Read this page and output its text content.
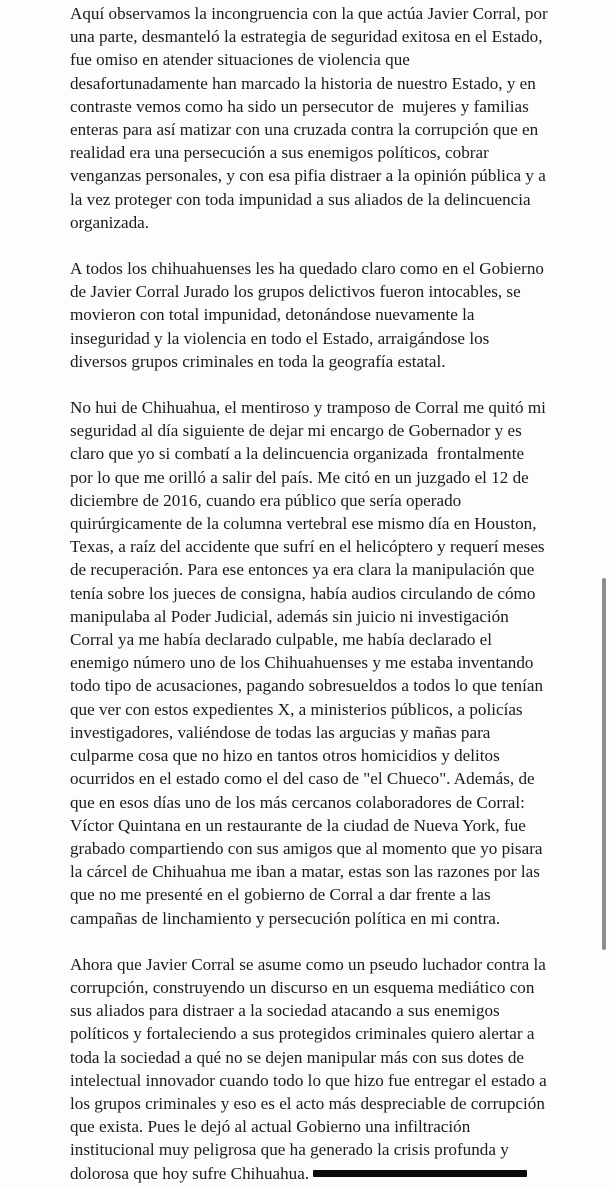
Aquí observamos la incongruencia con la que actúa Javier Corral, por una parte, desmanteló la estrategia de seguridad exitosa en el Estado, fue omiso en atender situaciones de violencia que desafortunadamente han marcado la historia de nuestro Estado, y en contraste vemos como ha sido un persecutor de  mujeres y familias enteras para así matizar con una cruzada contra la corrupción que en realidad era una persecución a sus enemigos políticos, cobrar venganzas personales, y con esa pifia distraer a la opinión pública y a la vez proteger con toda impunidad a sus aliados de la delincuencia organizada.

A todos los chihuahuenses les ha quedado claro como en el Gobierno de Javier Corral Jurado los grupos delictivos fueron intocables, se movieron con total impunidad, detonándose nuevamente la inseguridad y la violencia en todo el Estado, arraigándose los diversos grupos criminales en toda la geografía estatal.

No hui de Chihuahua, el mentiroso y tramposo de Corral me quitó mi seguridad al día siguiente de dejar mi encargo de Gobernador y es claro que yo si combatí a la delincuencia organizada  frontalmente por lo que me orilló a salir del país. Me citó en un juzgado el 12 de diciembre de 2016, cuando era público que sería operado quirúrgicamente de la columna vertebral ese mismo día en Houston, Texas, a raíz del accidente que sufrí en el helicóptero y requerí meses de recuperación. Para ese entonces ya era clara la manipulación que tenía sobre los jueces de consigna, había audios circulando de cómo manipulaba al Poder Judicial, además sin juicio ni investigación Corral ya me había declarado culpable, me había declarado el enemigo número uno de los Chihuahuenses y me estaba inventando todo tipo de acusaciones, pagando sobresueldos a todos lo que tenían que ver con estos expedientes X, a ministerios públicos, a policías investigadores, valiéndose de todas las argucias y mañas para culparme cosa que no hizo en tantos otros homicidios y delitos ocurridos en el estado como el del caso de "el Chueco". Además, de que en esos días uno de los más cercanos colaboradores de Corral: Víctor Quintana en un restaurante de la ciudad de Nueva York, fue grabado compartiendo con sus amigos que al momento que yo pisara la cárcel de Chihuahua me iban a matar, estas son las razones por las que no me presenté en el gobierno de Corral a dar frente a las campañas de linchamiento y persecución política en mi contra.

Ahora que Javier Corral se asume como un pseudo luchador contra la corrupción, construyendo un discurso en un esquema mediático con sus aliados para distraer a la sociedad atacando a sus enemigos políticos y fortaleciendo a sus protegidos criminales quiero alertar a toda la sociedad a qué no se dejen manipular más con sus dotes de intelectual innovador cuando todo lo que hizo fue entregar el estado a los grupos criminales y eso es el acto más despreciable de corrupción que exista. Pues le dejó al actual Gobierno una infiltración institucional muy peligrosa que ha generado la crisis profunda y dolorosa que hoy sufre Chihuahua.
